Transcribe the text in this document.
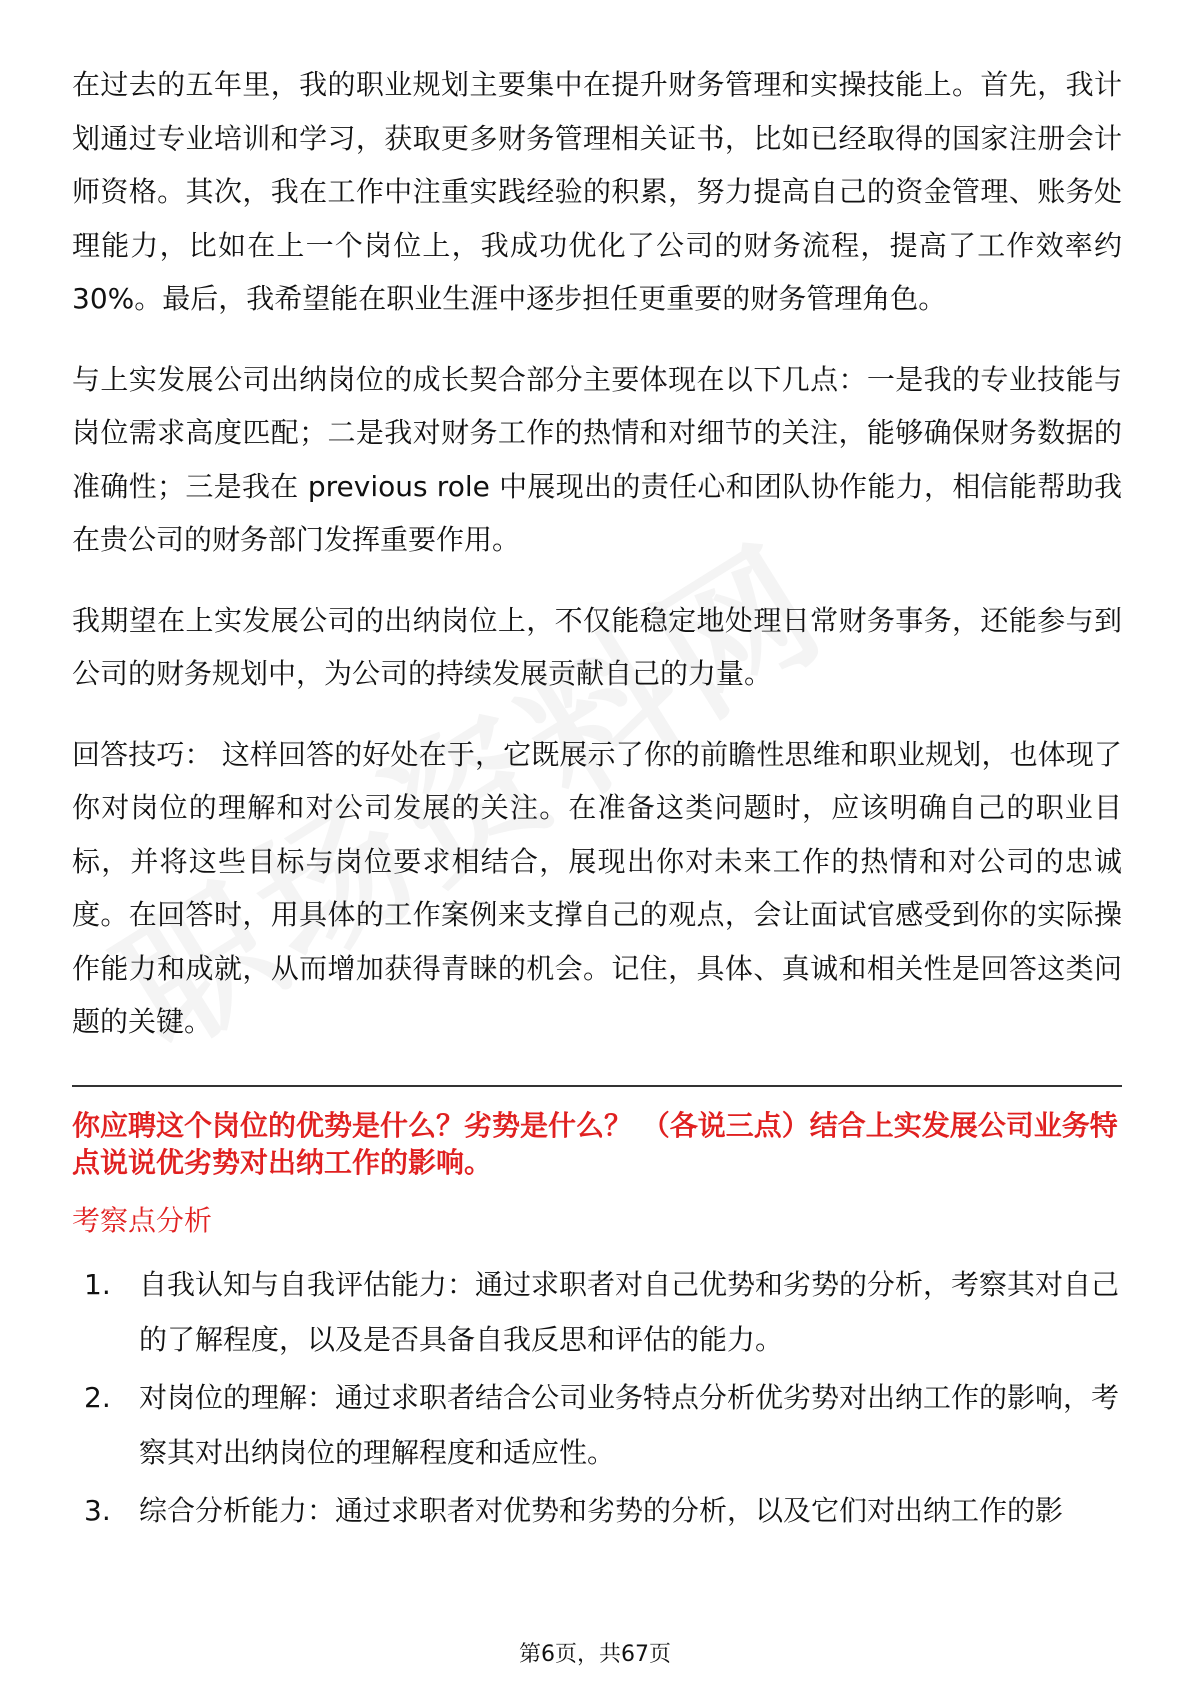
在过去的五年里，我的职业规划主要集中在提升财务管理和实操技能上。首先，我计划通过专业培训和学习，获取更多财务管理相关证书，比如已经取得的国家注册会计师资格。其次，我在工作中注重实践经验的积累，努力提高自己的资金管理、账务处理能力，比如在上一个岗位上，我成功优化了公司的财务流程，提高了工作效率约30%。最后，我希望能在职业生涯中逐步担任更重要的财务管理角色。

与上实发展公司出纳岗位的成长契合部分主要体现在以下几点：一是我的专业技能与岗位需求高度匹配；二是我对财务工作的热情和对细节的关注，能够确保财务数据的准确性；三是我在 previous role 中展现出的责任心和团队协作能力，相信能帮助我在贵公司的财务部门发挥重要作用。

我期望在上实发展公司的出纳岗位上，不仅能稳定地处理日常财务事务，还能参与到公司的财务规划中，为公司的持续发展贡献自己的力量。

回答技巧： 这样回答的好处在于，它既展示了你的前瞻性思维和职业规划，也体现了你对岗位的理解和对公司发展的关注。在准备这类问题时，应该明确自己的职业目标，并将这些目标与岗位要求相结合，展现出你对未来工作的热情和对公司的忠诚度。在回答时，用具体的工作案例来支撑自己的观点，会让面试官感受到你的实际操作能力和成就，从而增加获得青睐的机会。记住，具体、真诚和相关性是回答这类问题的关键。

你应聘这个岗位的优势是什么？劣势是什么？ （各说三点）结合上实发展公司业务特点说说优劣势对出纳工作的影响。
考察点分析
1. 自我认知与自我评估能力：通过求职者对自己优势和劣势的分析，考察其对自己的了解程度，以及是否具备自我反思和评估的能力。
2. 对岗位的理解：通过求职者结合公司业务特点分析优劣势对出纳工作的影响，考察其对出纳岗位的理解程度和适应性。
3. 综合分析能力：通过求职者对优势和劣势的分析，以及它们对出纳工作的影
第6页，共67页
